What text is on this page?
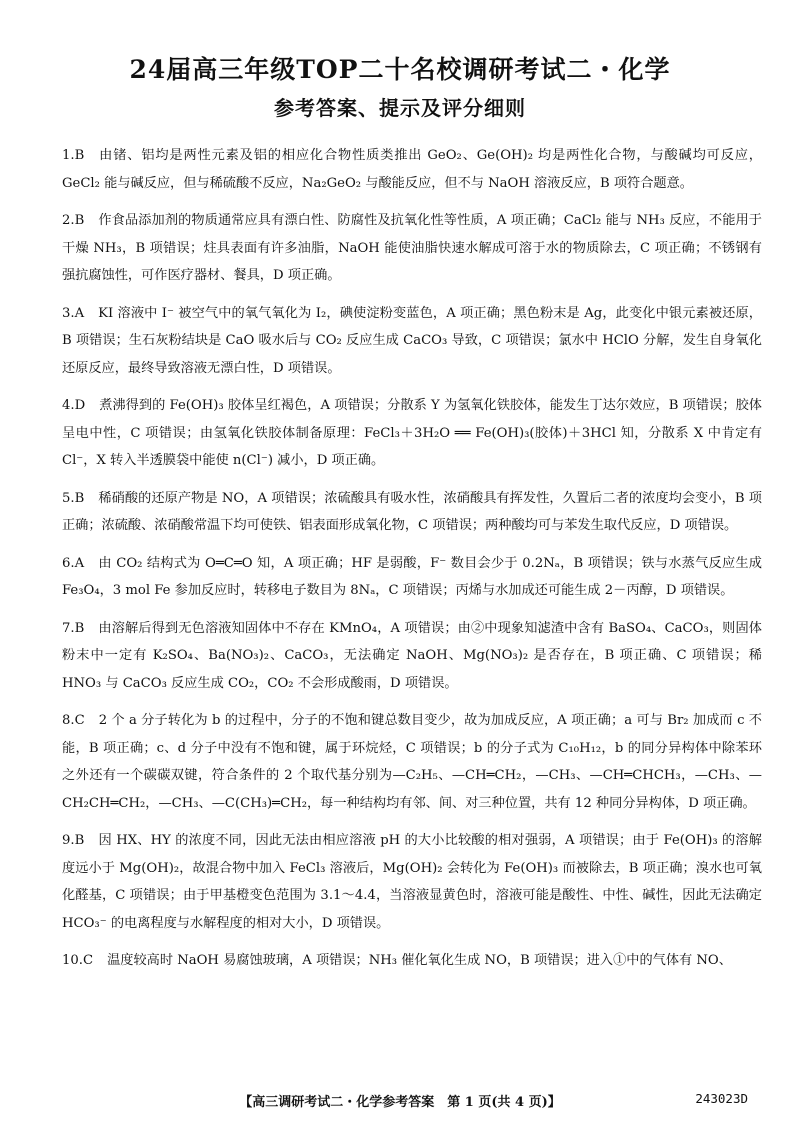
24届高三年级TOP二十名校调研考试二・化学
参考答案、提示及评分细则
1.B 由锗、铝均是两性元素及铝的相应化合物性质类推出 GeO₂、Ge(OH)₂ 均是两性化合物，与酸碱均可反应，GeCl₂ 能与碱反应，但与稀硫酸不反应，Na₂GeO₂ 与酸能反应，但不与 NaOH 溶液反应，B 项符合题意。
2.B 作食品添加剂的物质通常应具有漂白性、防腐性及抗氧化性等性质，A 项正确；CaCl₂ 能与 NH₃ 反应，不能用于干燥 NH₃，B 项错误；炷具表面有许多油脂，NaOH 能使油脂快速水解成可溶于水的物质除去，C 项正确；不锈钢有强抗腐蚀性，可作医疗器材、餐具，D 项正确。
3.A KI 溶液中 I⁻ 被空气中的氧气氧化为 I₂，碘使淀粉变蓝色，A 项正确；黑色粉末是 Ag，此变化中银元素被还原，B 项错误；生石灰粉结块是 CaO 吸水后与 CO₂ 反应生成 CaCO₃ 导致，C 项错误；氯水中 HClO 分解，发生自身氧化还原反应，最终导致溶液无漂白性，D 项错误。
4.D 煮沸得到的 Fe(OH)₃ 胶体呈红褐色，A 项错误；分散系 Y 为氢氧化铁胶体，能发生丁达尔效应，B 项错误；胶体呈电中性，C 项错误；由氢氧化铁胶体制备原理：FeCl₃＋3H₂O ══ Fe(OH)₃(胶体)＋3HCl 知，分散系 X 中肯定有 Cl⁻，X 转入半透膜袋中能使 n(Cl⁻) 减小，D 项正确。
5.B 稀硝酸的还原产物是 NO，A 项错误；浓硫酸具有吸水性，浓硝酸具有挥发性，久置后二者的浓度均会变小，B 项正确；浓硫酸、浓硝酸常温下均可使铁、铝表面形成氧化物，C 项错误；两种酸均可与苯发生取代反应，D 项错误。
6.A 由 CO₂ 结构式为 O═C═O 知，A 项正确；HF 是弱酸，F⁻ 数目会少于 0.2Nₐ，B 项错误；铁与水蒸气反应生成 Fe₃O₄，3 mol Fe 参加反应时，转移电子数目为 8Nₐ，C 项错误；丙烯与水加成还可能生成 2－丙醇，D 项错误。
7.B 由溶解后得到无色溶液知固体中不存在 KMnO₄，A 项错误；由②中现象知滤渣中含有 BaSO₄、CaCO₃，则固体粉末中一定有 K₂SO₄、Ba(NO₃)₂、CaCO₃，无法确定 NaOH、Mg(NO₃)₂ 是否存在，B 项正确、C 项错误；稀 HNO₃ 与 CaCO₃ 反应生成 CO₂，CO₂ 不会形成酸雨，D 项错误。
8.C 2 个 a 分子转化为 b 的过程中，分子的不饱和键总数目变少，故为加成反应，A 项正确；a 可与 Br₂ 加成而 c 不能，B 项正确；c、d 分子中没有不饱和键，属于环烷烃，C 项错误；b 的分子式为 C₁₀H₁₂，b 的同分异构体中除苯环之外还有一个碳碳双键，符合条件的 2 个取代基分别为—C₂H₅、—CH═CH₂，—CH₃、—CH═CHCH₃，—CH₃、—CH₂CH═CH₂，—CH₃、—C(CH₃)═CH₂，每一种结构均有邻、间、对三种位置，共有 12 种同分异构体，D 项正确。
9.B 因 HX、HY 的浓度不同，因此无法由相应溶液 pH 的大小比较酸的相对强弱，A 项错误；由于 Fe(OH)₃ 的溶解度远小于 Mg(OH)₂，故混合物中加入 FeCl₃ 溶液后，Mg(OH)₂ 会转化为 Fe(OH)₃ 而被除去，B 项正确；溴水也可氧化醛基，C 项错误；由于甲基橙变色范围为 3.1～4.4，当溶液显黄色时，溶液可能是酸性、中性、碱性，因此无法确定 HCO₃⁻ 的电离程度与水解程度的相对大小，D 项错误。
10.C 温度较高时 NaOH 易腐蚀玻璃，A 项错误；NH₃ 催化氧化生成 NO，B 项错误；进入①中的气体有 NO、
【高三调研考试二・化学参考答案　第 1 页(共 4 页)】	243023D
